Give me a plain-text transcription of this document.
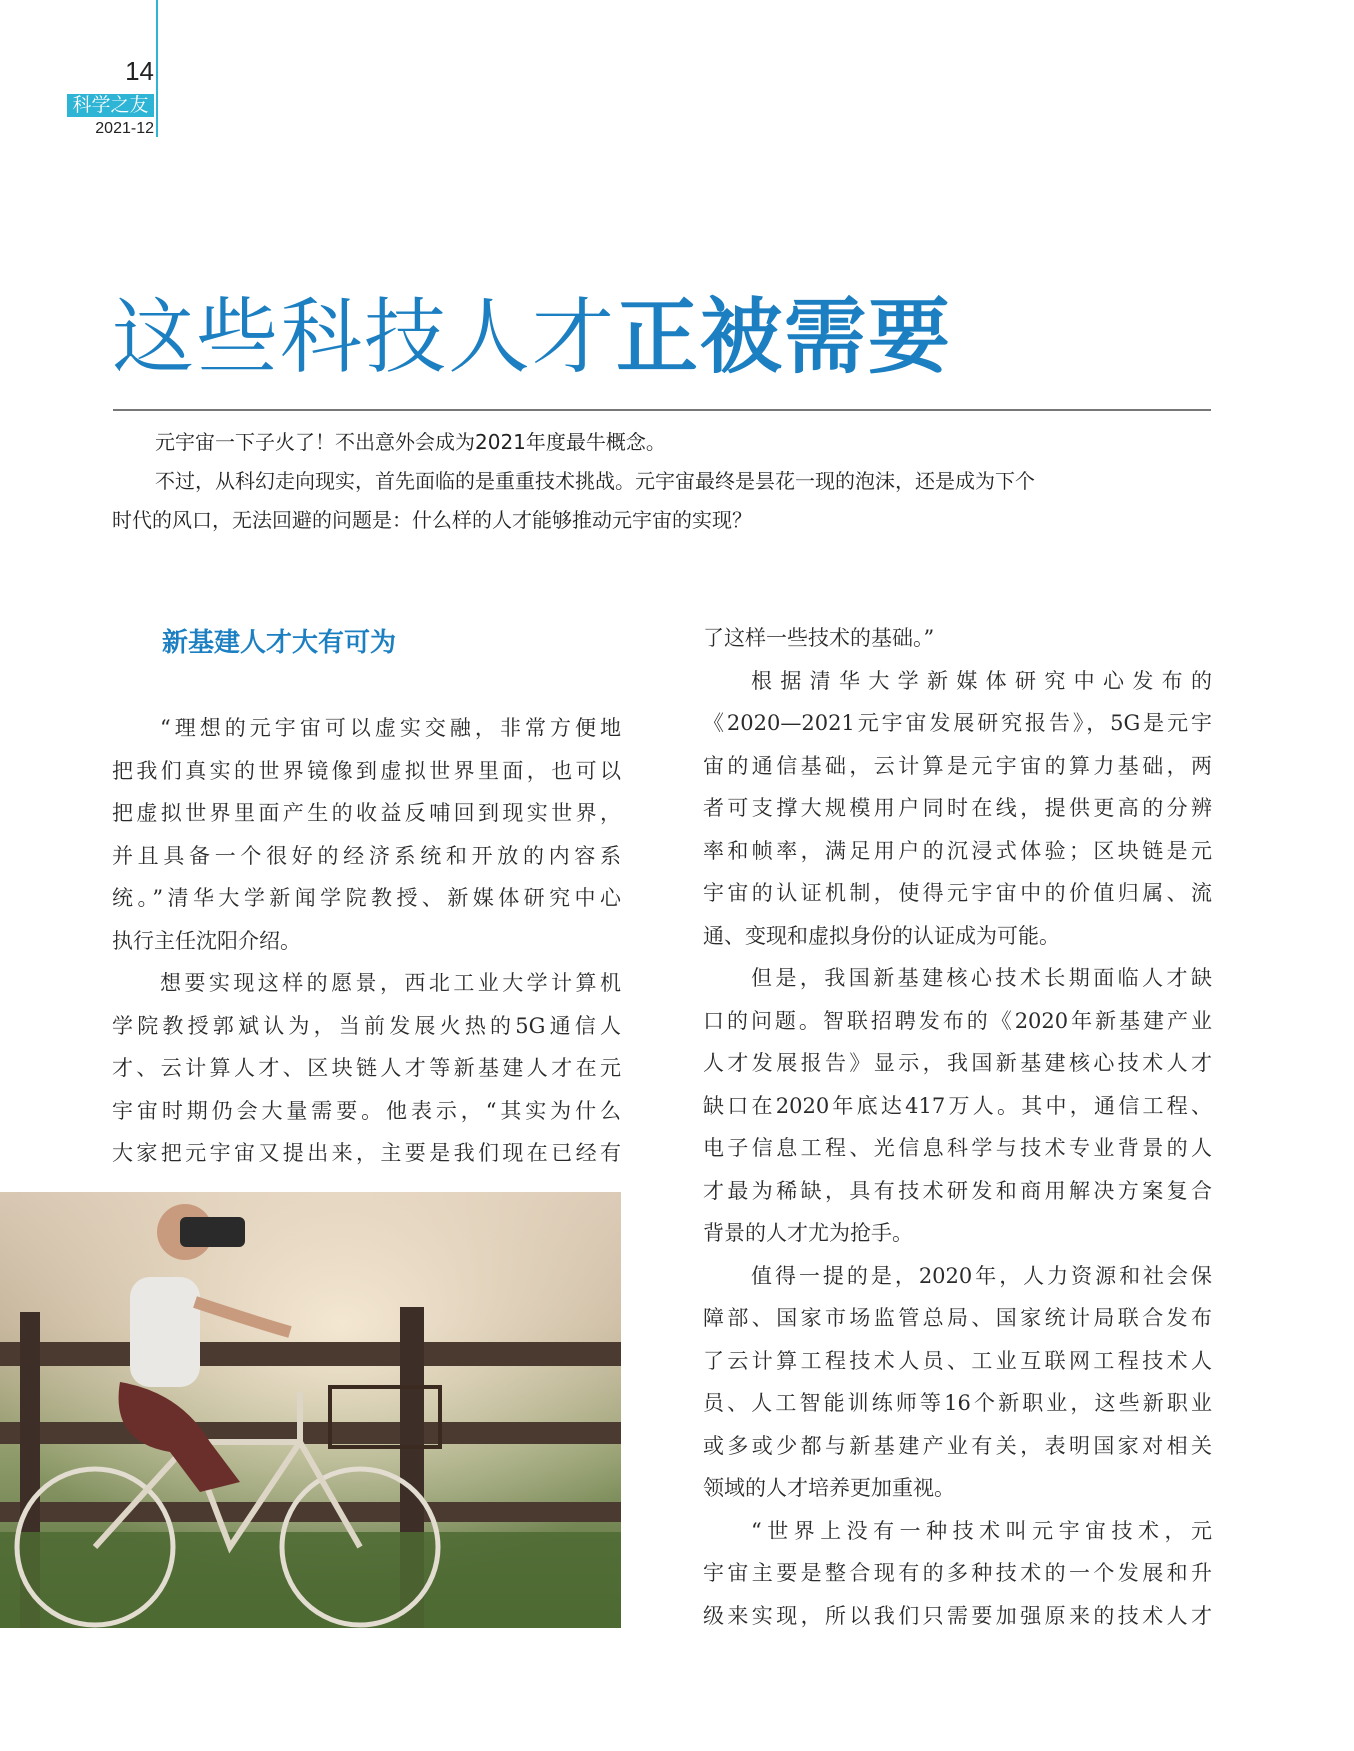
14
科学之友
2021-12
这些科技人才正被需要
元宇宙一下子火了！不出意外会成为2021年度最牛概念。
不过，从科幻走向现实，首先面临的是重重技术挑战。元宇宙最终是昙花一现的泡沫，还是成为下个
时代的风口，无法回避的问题是：什么样的人才能够推动元宇宙的实现？
新基建人才大有可为
“理想的元宇宙可以虚实交融，非常方便地
把我们真实的世界镜像到虚拟世界里面，也可以
把虚拟世界里面产生的收益反哺回到现实世界，
并且具备一个很好的经济系统和开放的内容系
统。”清华大学新闻学院教授、新媒体研究中心
执行主任沈阳介绍。
想要实现这样的愿景，西北工业大学计算机
学院教授郭斌认为，当前发展火热的5G通信人
才、云计算人才、区块链人才等新基建人才在元
宇宙时期仍会大量需要。他表示，“其实为什么
大家把元宇宙又提出来，主要是我们现在已经有
了这样一些技术的基础。”
根据清华大学新媒体研究中心发布的
《2020—2021元宇宙发展研究报告》，5G是元宇
宙的通信基础，云计算是元宇宙的算力基础，两
者可支撑大规模用户同时在线，提供更高的分辨
率和帧率，满足用户的沉浸式体验；区块链是元
宇宙的认证机制，使得元宇宙中的价值归属、流
通、变现和虚拟身份的认证成为可能。
但是，我国新基建核心技术长期面临人才缺
口的问题。智联招聘发布的《2020年新基建产业
人才发展报告》显示，我国新基建核心技术人才
缺口在2020年底达417万人。其中，通信工程、
电子信息工程、光信息科学与技术专业背景的人
才最为稀缺，具有技术研发和商用解决方案复合
背景的人才尤为抢手。
值得一提的是，2020年，人力资源和社会保
障部、国家市场监管总局、国家统计局联合发布
了云计算工程技术人员、工业互联网工程技术人
员、人工智能训练师等16个新职业，这些新职业
或多或少都与新基建产业有关，表明国家对相关
领域的人才培养更加重视。
“世界上没有一种技术叫元宇宙技术，元
宇宙主要是整合现有的多种技术的一个发展和升
级来实现，所以我们只需要加强原来的技术人才
